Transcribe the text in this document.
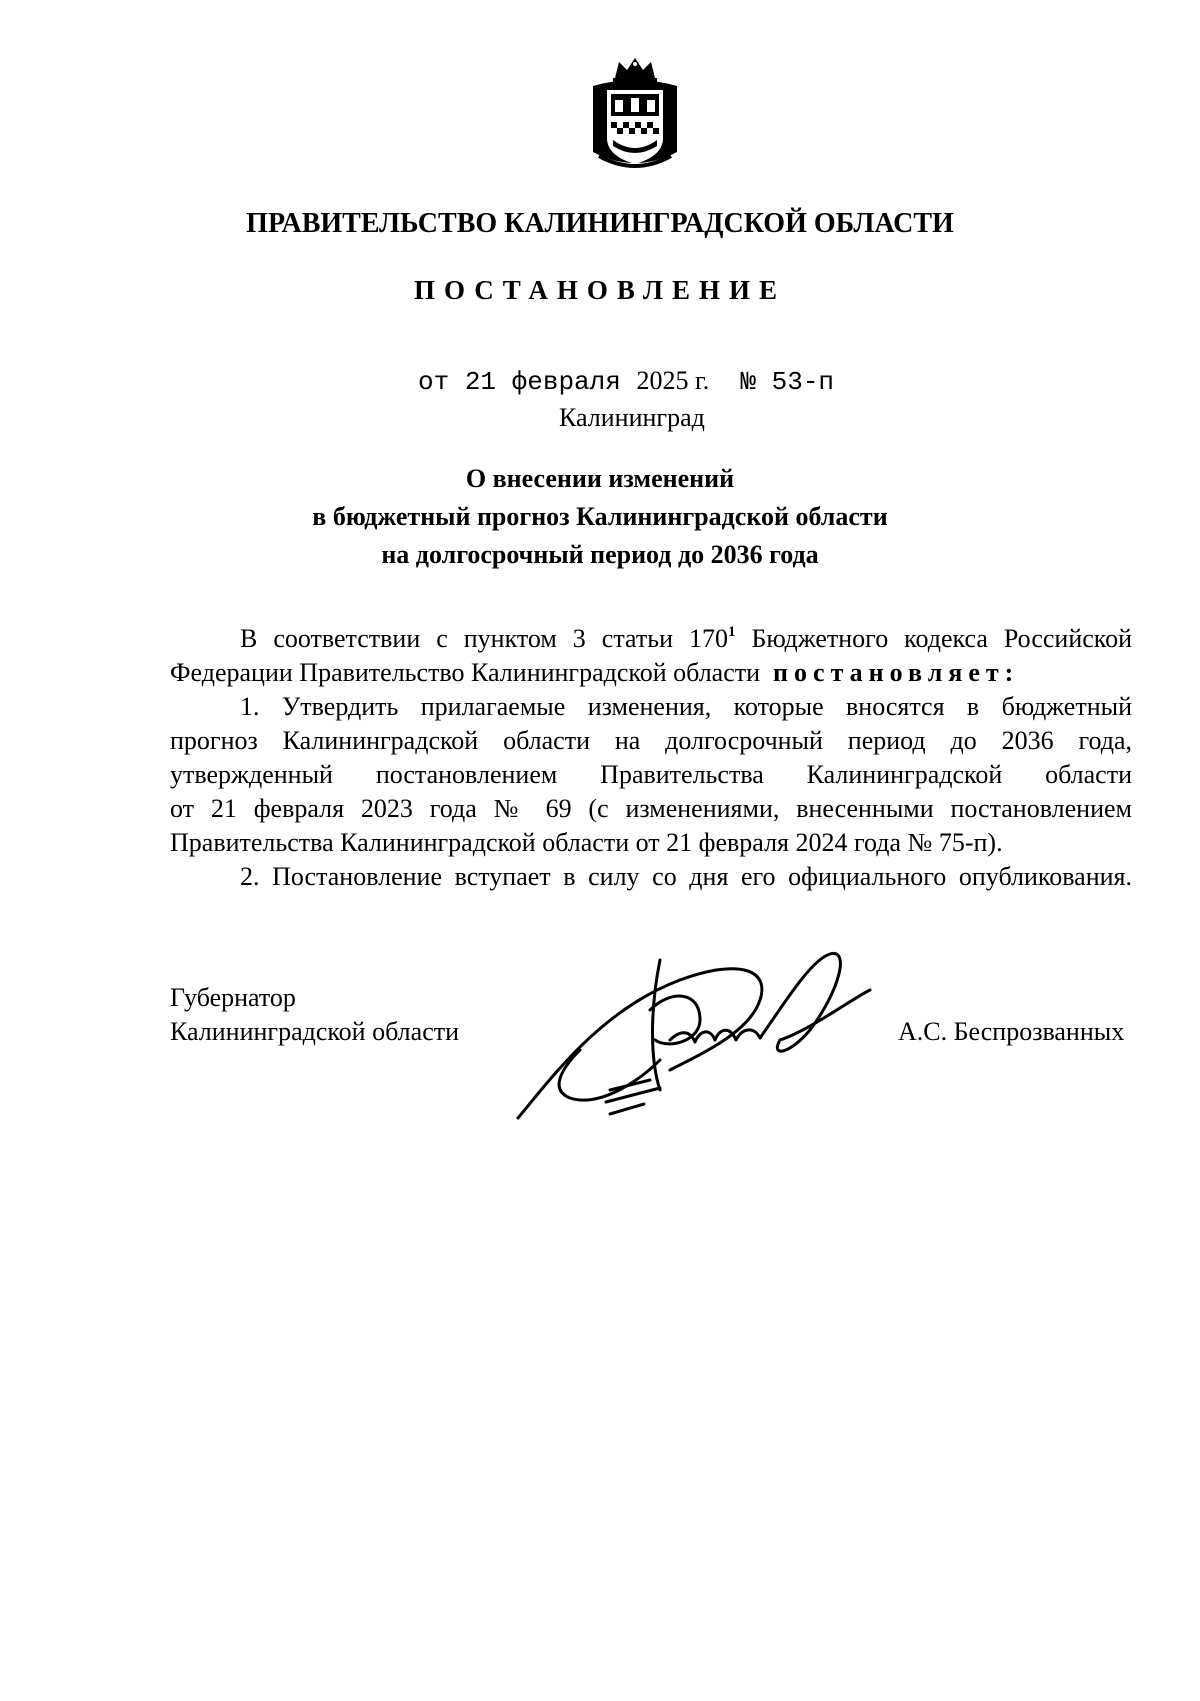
ПРАВИТЕЛЬСТВО КАЛИНИНГРАДСКОЙ ОБЛАСТИ
ПОСТАНОВЛЕНИЕ
от 21 февраля 2025 г. № 53-п
Калининград
О внесении изменений
в бюджетный прогноз Калининградской области
на долгосрочный период до 2036 года
В соответствии с пунктом 3 статьи $170^1$ Бюджетного кодекса Российской
Федерации Правительство Калининградской области постановляет:
1. Утвердить прилагаемые изменения, которые вносятся в бюджетный
прогноз Калининградской области на долгосрочный период до 2036 года,
утвержденный постановлением Правительства Калининградской области
от 21 февраля 2023 года № 69 (с изменениями, внесенными постановлением
Правительства Калининградской области от 21 февраля 2024 года № 75-п).
2. Постановление вступает в силу со дня его официального опубликования.
Губернатор
Калининградской области	А.С. Беспрозванных
